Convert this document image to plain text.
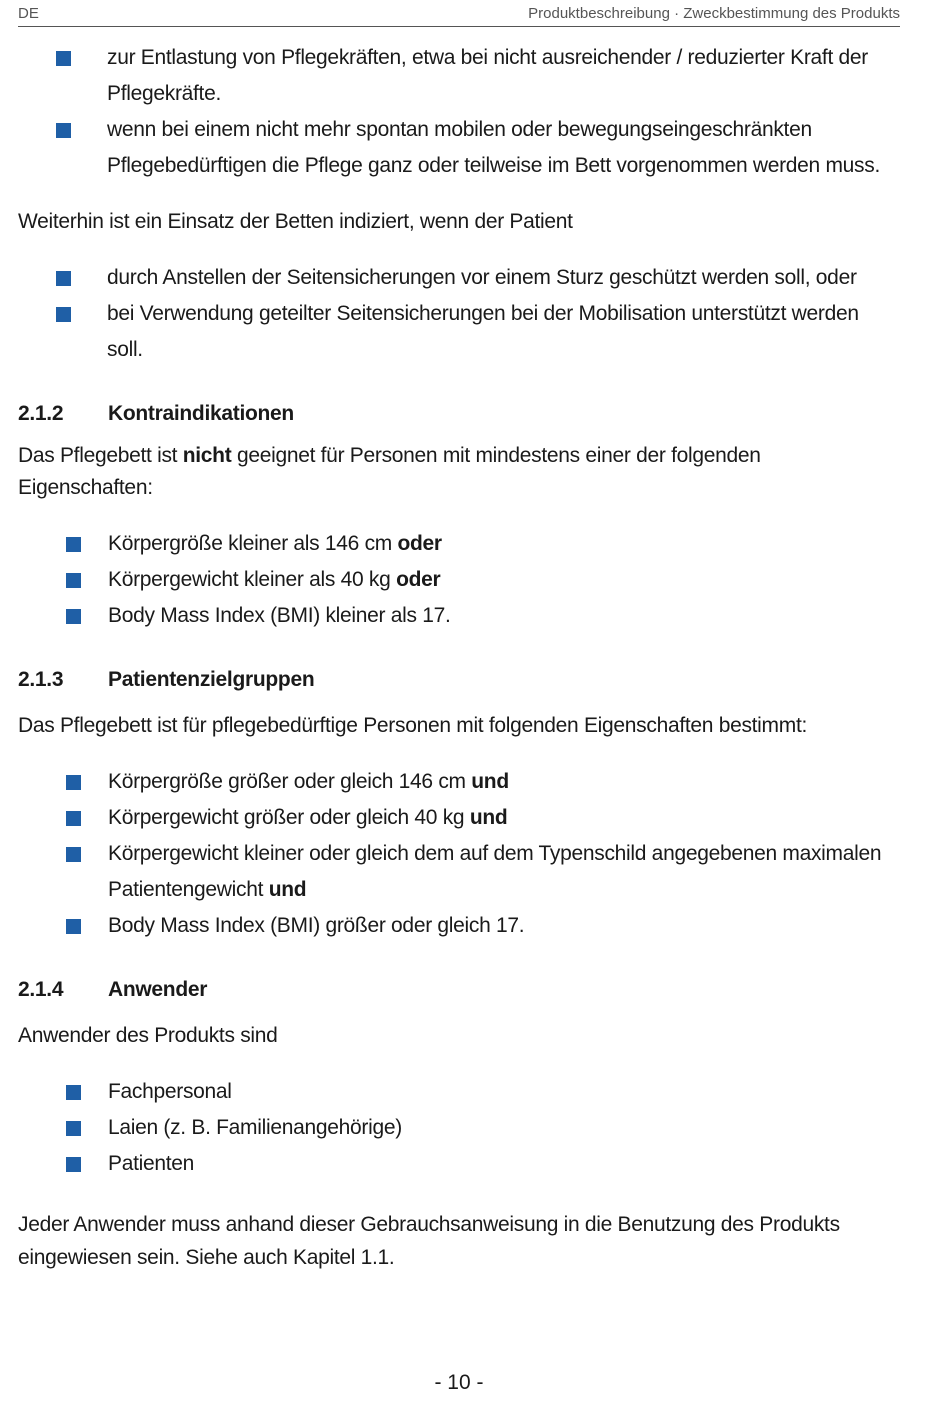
DE	Produktbeschreibung · Zweckbestimmung des Produkts
zur Entlastung von Pflegekräften, etwa bei nicht ausreichender / reduzierter Kraft der Pflegekräfte.
wenn bei einem nicht mehr spontan mobilen oder bewegungseingeschränkten Pflegebedürftigen die Pflege ganz oder teilweise im Bett vorgenommen werden muss.

Weiterhin ist ein Einsatz der Betten indiziert, wenn der Patient

durch Anstellen der Seitensicherungen vor einem Sturz geschützt werden soll, oder
bei Verwendung geteilter Seitensicherungen bei der Mobilisation unterstützt werden soll.
2.1.2 Kontraindikationen

Das Pflegebett ist nicht geeignet für Personen mit mindestens einer der folgenden Eigenschaften:

Körpergröße kleiner als 146 cm oder
Körpergewicht kleiner als 40 kg oder
Body Mass Index (BMI) kleiner als 17.
2.1.3 Patientenzielgruppen

Das Pflegebett ist für pflegebedürftige Personen mit folgenden Eigenschaften bestimmt:

Körpergröße größer oder gleich 146 cm und
Körpergewicht größer oder gleich 40 kg und
Körpergewicht kleiner oder gleich dem auf dem Typenschild angegebenen maximalen Patientengewicht und
Body Mass Index (BMI) größer oder gleich 17.
2.1.4 Anwender

Anwender des Produkts sind

Fachpersonal
Laien (z. B. Familienangehörige)
Patienten

Jeder Anwender muss anhand dieser Gebrauchsanweisung in die Benutzung des Produkts eingewiesen sein. Siehe auch Kapitel 1.1.

- 10 -
